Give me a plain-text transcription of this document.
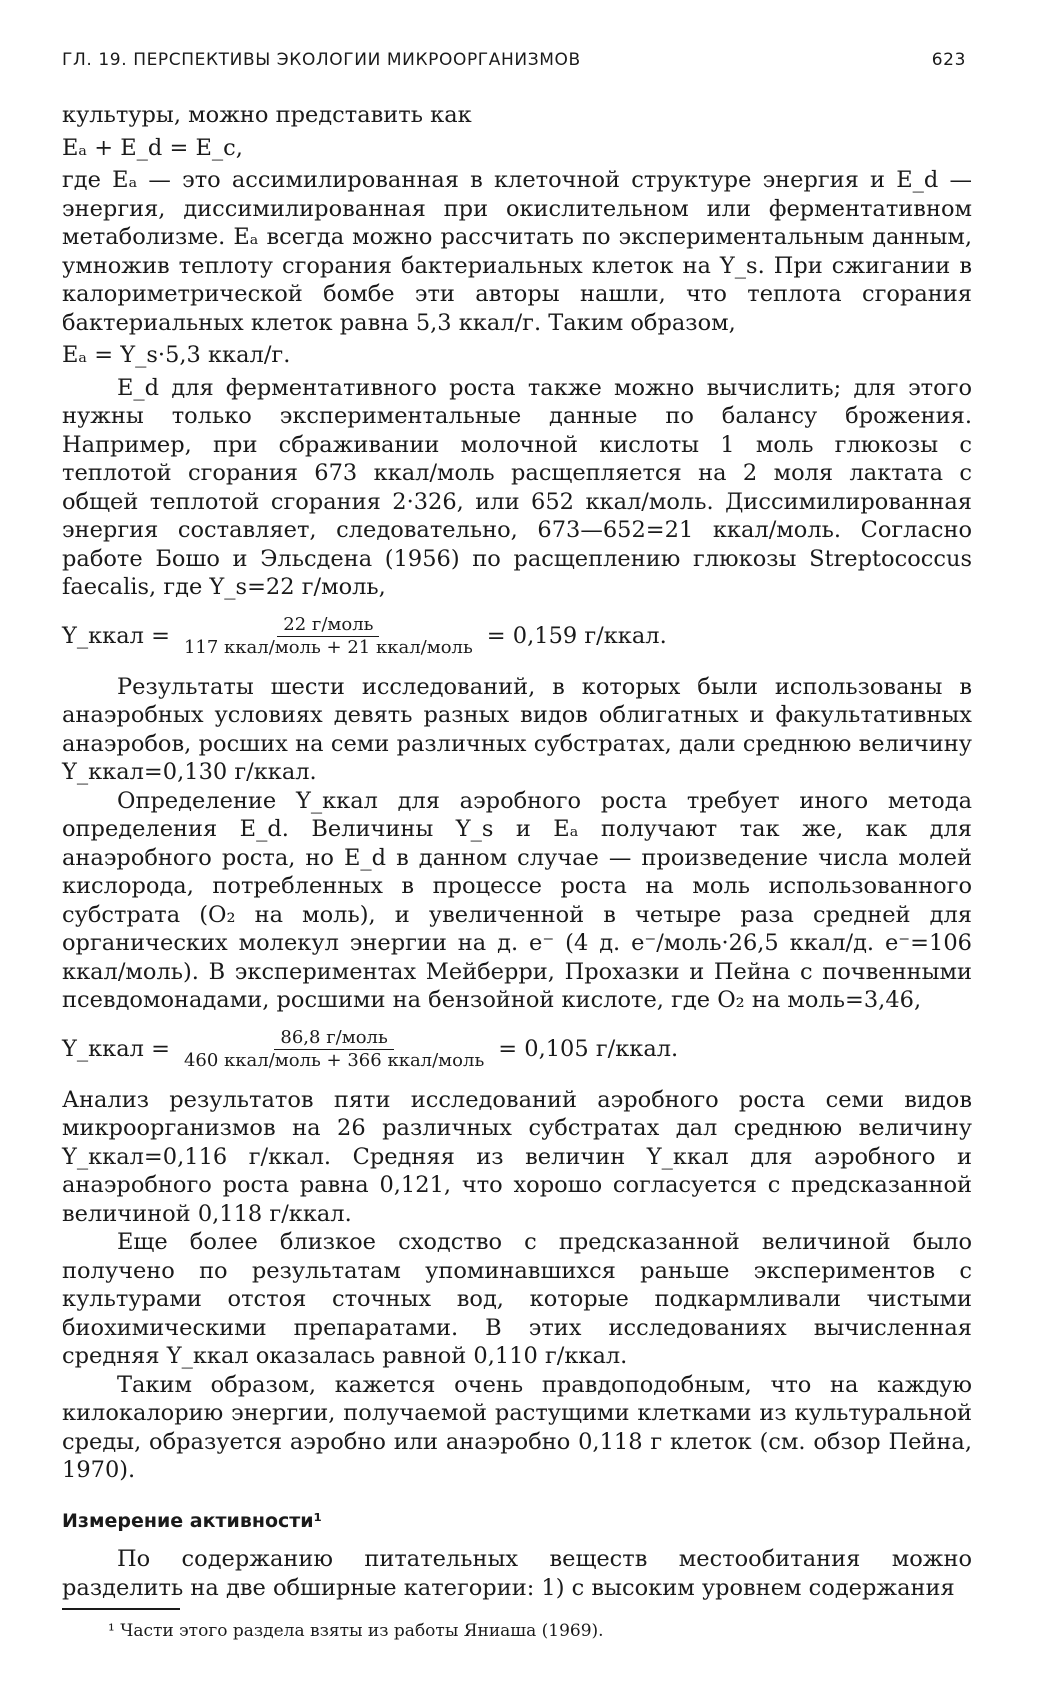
ГЛ. 19. ПЕРСПЕКТИВЫ ЭКОЛОГИИ МИКРООРГАНИЗМОВ	623

культуры, можно представить как

Eₐ + E_d = E_c,

где Eₐ — это ассимилированная в клеточной структуре энергия и E_d — энергия, диссимилированная при окислительном или ферментативном метаболизме. Eₐ всегда можно рассчитать по экспериментальным данным, умножив теплоту сгорания бактериальных клеток на Y_s. При сжигании в калориметрической бомбе эти авторы нашли, что теплота сгорания бактериальных клеток равна 5,3 ккал/г. Таким образом,

Eₐ = Y_s·5,3 ккал/г.

E_d для ферментативного роста также можно вычислить; для этого нужны только экспериментальные данные по балансу брожения. Например, при сбраживании молочной кислоты 1 моль глюкозы с теплотой сгорания 673 ккал/моль расщепляется на 2 моля лактата с общей теплотой сгорания 2·326, или 652 ккал/моль. Диссимилированная энергия составляет, следовательно, 673—652=21 ккал/моль. Согласно работе Бошо и Эльсдена (1956) по расщеплению глюкозы Streptococcus faecalis, где Y_s=22 г/моль,

Y_ккал = $\frac{\text{22 г/моль}}{\text{117 ккал/моль + 21 ккал/моль}} = 0,159$ г/ккал.

Результаты шести исследований, в которых были использованы в анаэробных условиях девять разных видов облигатных и факультативных анаэробов, росших на семи различных субстратах, дали среднюю величину Y_ккал=0,130 г/ккал.

Определение Y_ккал для аэробного роста требует иного метода определения E_d. Величины Y_s и Eₐ получают так же, как для анаэробного роста, но E_d в данном случае — произведение числа молей кислорода, потребленных в процессе роста на моль использованного субстрата (O₂ на моль), и увеличенной в четыре раза средней для органических молекул энергии на д. e⁻ (4 д. e⁻/моль·26,5 ккал/д. e⁻=106 ккал/моль). В экспериментах Мейберри, Прохазки и Пейна с почвенными псевдомонадами, росшими на бензойной кислоте, где O₂ на моль=3,46,

Y_ккал = $\frac{\text{86,8 г/моль}}{\text{460 ккал/моль + 366 ккал/моль}} = 0,105$ г/ккал.

Анализ результатов пяти исследований аэробного роста семи видов микроорганизмов на 26 различных субстратах дал среднюю величину Y_ккал=0,116 г/ккал. Средняя из величин Y_ккал для аэробного и анаэробного роста равна 0,121, что хорошо согласуется с предсказанной величиной 0,118 г/ккал.

Еще более близкое сходство с предсказанной величиной было получено по результатам упоминавшихся раньше экспериментов с культурами отстоя сточных вод, которые подкармливали чистыми биохимическими препаратами. В этих исследованиях вычисленная средняя Y_ккал оказалась равной 0,110 г/ккал.

Таким образом, кажется очень правдоподобным, что на каждую килокалорию энергии, получаемой растущими клетками из культуральной среды, образуется аэробно или анаэробно 0,118 г клеток (см. обзор Пейна, 1970).

Измерение активности¹

По содержанию питательных веществ местообитания можно разделить на две обширные категории: 1) с высоким уровнем содержания

¹ Части этого раздела взяты из работы Яниаша (1969).
